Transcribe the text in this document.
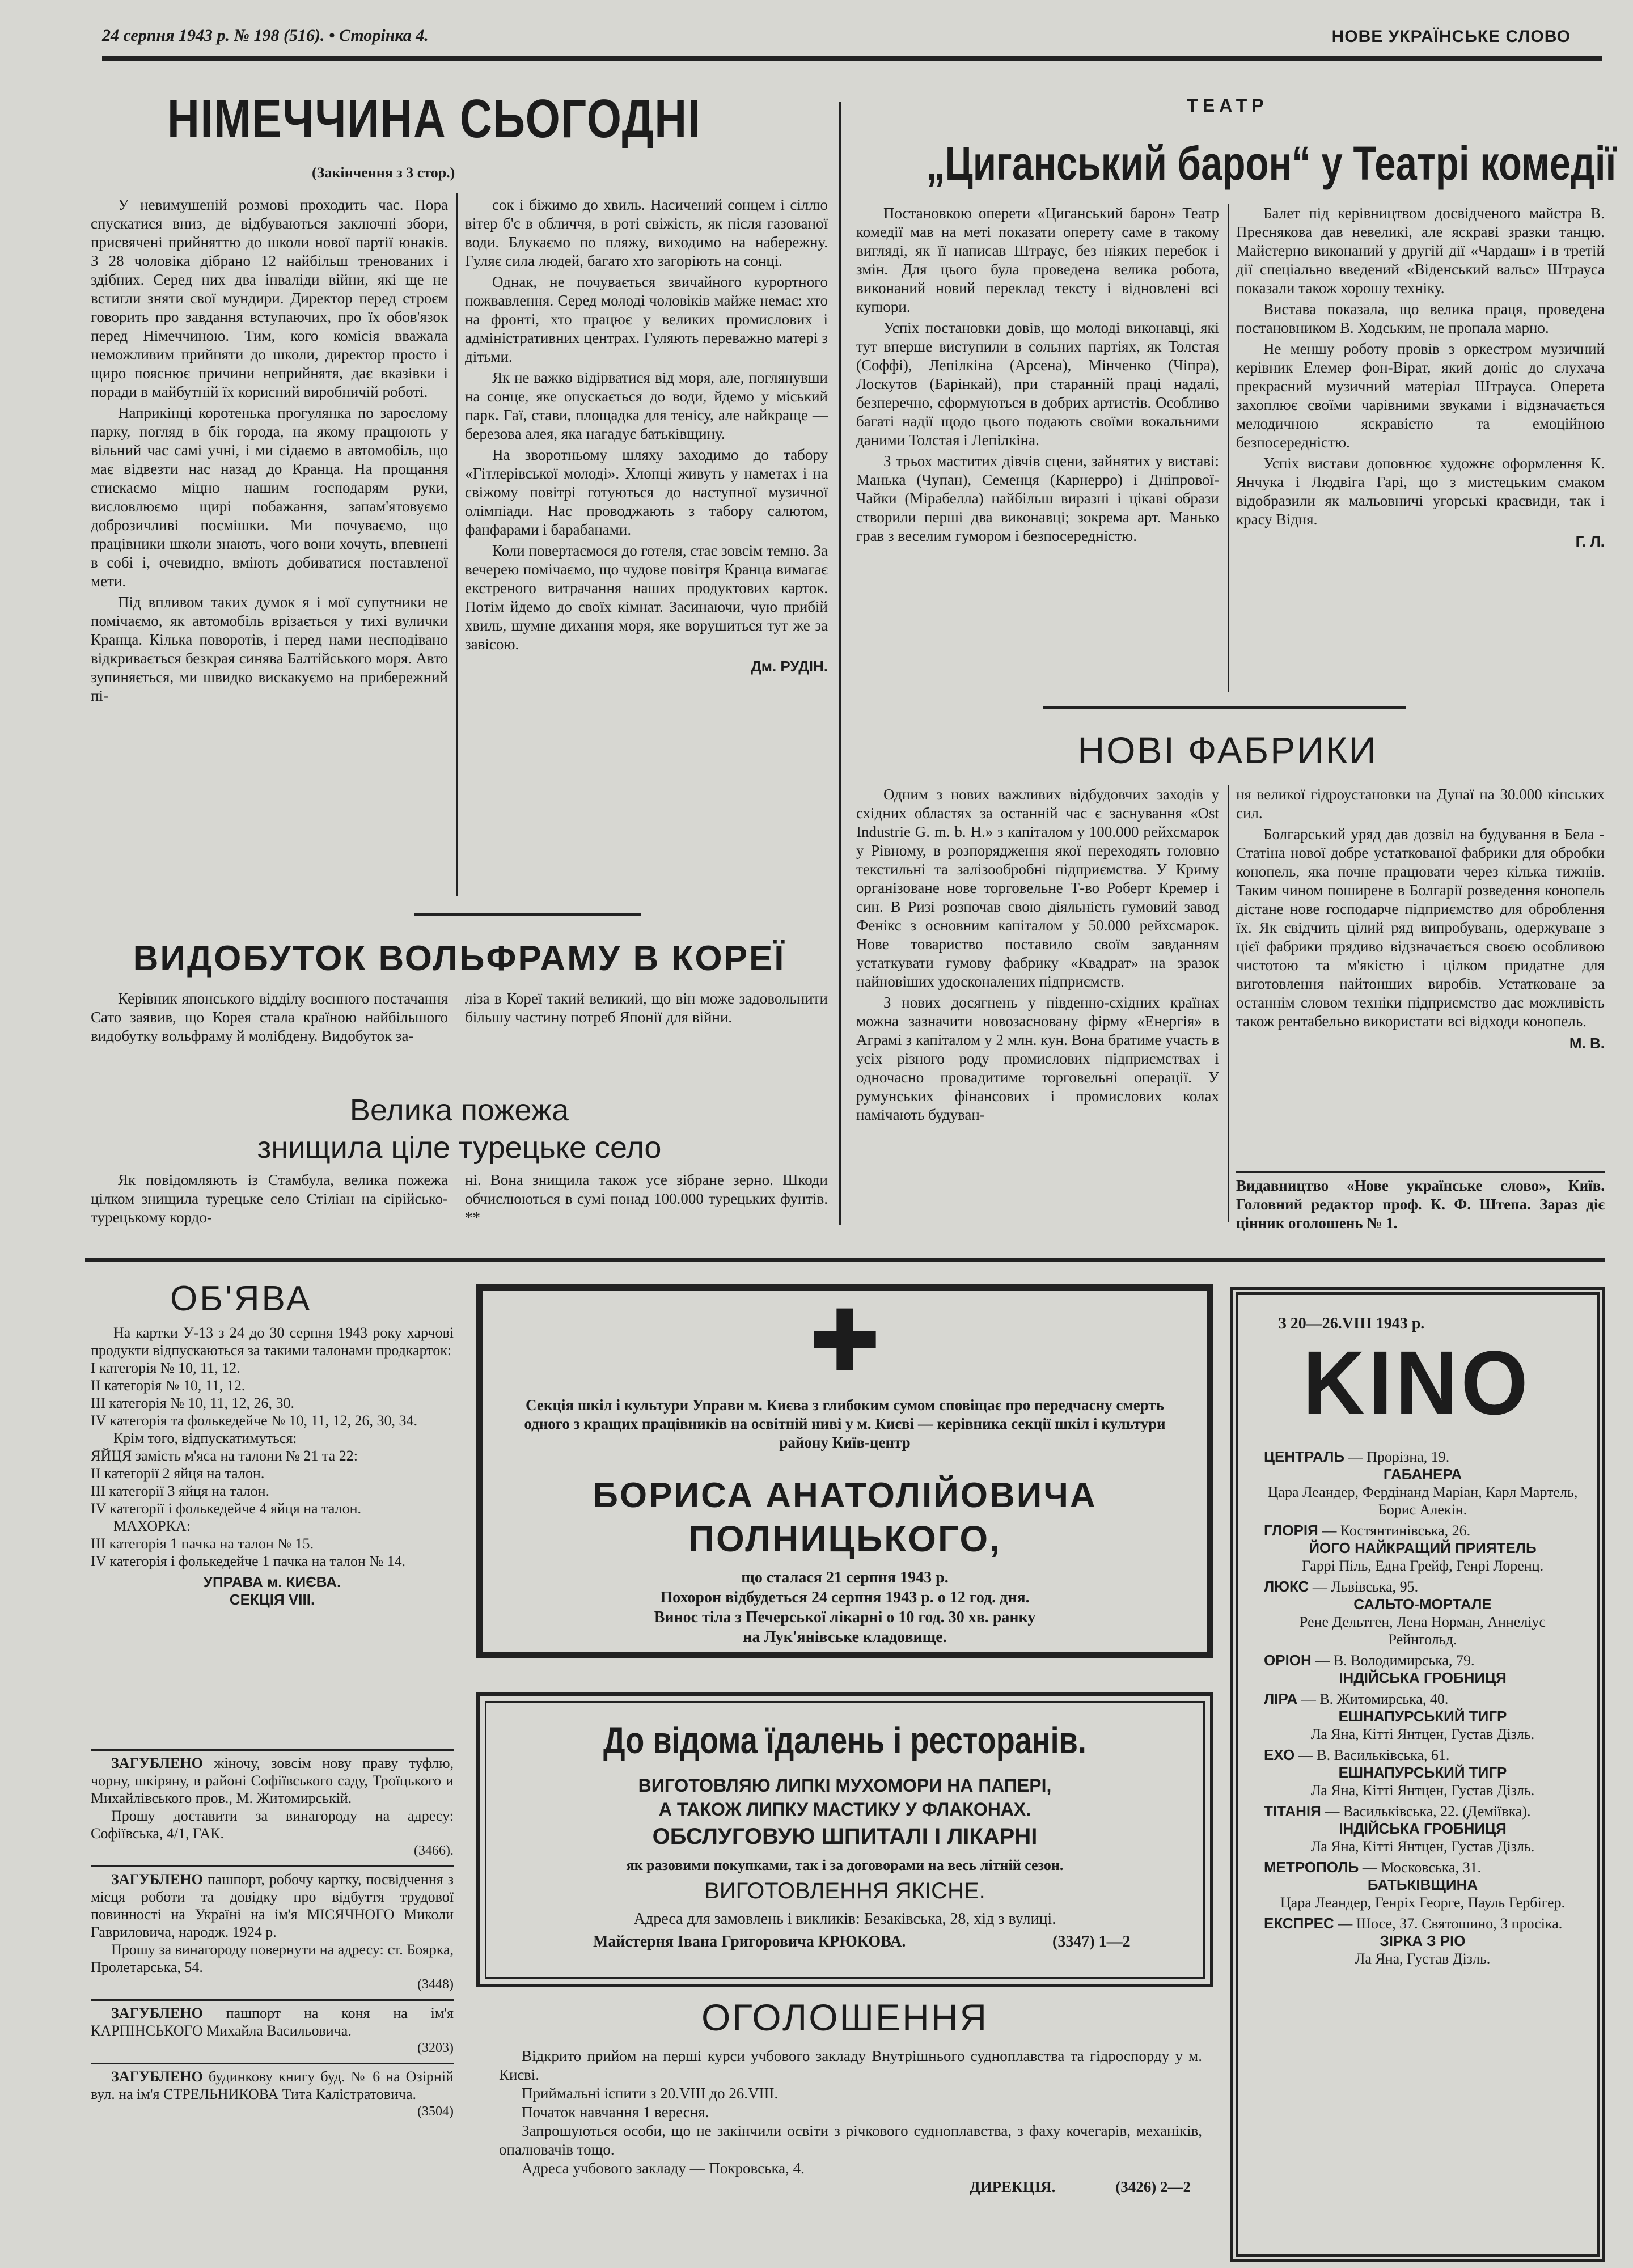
24 серпня 1943 р. № 198 (516). • Сторінка 4.	НОВЕ УКРАЇНСЬКЕ СЛОВО
НІМЕЧЧИНА СЬОГОДНІ
(Закінчення з 3 стор.)

У невимушеній розмові проходить час. Пора спускатися вниз, де відбуваються заключні збори, присвячені прийняттю до школи нової партії юнаків. З 28 чоловіка дібрано 12 найбільш тренованих і здібних. Серед них два інваліди війни, які ще не встигли зняти свої мундири. Директор перед строєм говорить про завдання вступаючих, про їх обов'язок перед Німеччиною. Тим, кого комісія вважала неможливим прийняти до школи, директор просто і щиро пояснює причини неприйнятя, дає вказівки і поради в майбутній їх корисний виробничій роботі.

Наприкінці коротенька прогулянка по зарослому парку, погляд в бік города, на якому працюють у вільний час самі учні, і ми сідаємо в автомобіль, що має відвезти нас назад до Кранца. На прощання стискаємо міцно нашим господарям руки, висловлюємо щирі побажання, запам'ятовуємо доброзичливі посмішки. Ми почуваємо, що працівники школи знають, чого вони хочуть, впевнені в собі і, очевидно, вміють добиватися поставленої мети.

Під впливом таких думок я і мої супутники не помічаємо, як автомобіль врізається у тихі вулички Кранца. Кілька поворотів, і перед нами несподівано відкривається безкрая синява Балтійського моря. Авто зупиняється, ми швидко вискакуємо на прибережний пі-

сок і біжимо до хвиль. Насичений сонцем і сіллю вітер б'є в обличчя, в роті свіжість, як після газованої води. Блукаємо по пляжу, виходимо на набережну. Гуляє сила людей, багато хто загоріють на сонці.

Однак, не почувається звичайного курортного пожвавлення. Серед молоді чоловіків майже немає: хто на фронті, хто працює у великих промислових і адміністративних центрах. Гуляють переважно матері з дітьми.

Як не важко відірватися від моря, але, поглянувши на сонце, яке опускається до води, йдемо у міський парк. Гаї, стави, площадка для тенісу, але найкраще — березова алея, яка нагадує батьківщину.

На зворотньому шляху заходимо до табору «Гітлерівської молоді». Хлопці живуть у наметах і на свіжому повітрі готуються до наступної музичної олімпіади. Нас проводжають з табору салютом, фанфарами і барабанами.

Коли повертаємося до готеля, стає зовсім темно. За вечерею помічаємо, що чудове повітря Кранца вимагає екстреного витрачання наших продуктових карток. Потім йдемо до своїх кімнат. Засинаючи, чую прибій хвиль, шумне дихання моря, яке ворушиться тут же за завісою.

Дм. РУДІН.
ВИДОБУТОК ВОЛЬФРАМУ В КОРЕЇ

Керівник японського відділу воєнного постачання Сато заявив, що Корея стала країною найбільшого видобутку вольфраму й молібдену. Видобуток за-

ліза в Кореї такий великий, що він може задовольнити більшу частину потреб Японії для війни.

Велика пожежа
знищила ціле турецьке село

Як повідомляють із Стамбула, велика пожежа цілком знищила турецьке село Стіліан на сірійсько-турецькому кордо-

ні. Вона знищила також усе зібране зерно. Шкоди обчислюються в сумі понад 100.000 турецьких фунтів. **

ТЕАТР
„Циганський барон“ у Театрі комедії

Постановкою оперети «Циганський барон» Театр комедії мав на меті показати оперету саме в такому вигляді, як її написав Штраус, без ніяких перебок і змін. Для цього була проведена велика робота, виконаний новий переклад тексту і відновлені всі купюри.

Успіх постановки довів, що молоді виконавці, які тут вперше виступили в сольних партіях, як Толстая (Соффі), Лепілкіна (Арсена), Мінченко (Чіпра), Лоскутов (Барінкай), при старанній праці надалі, безперечно, сформуються в добрих артистів. Особливо багаті надії щодо цього подають своїми вокальними даними Толстая і Лепілкіна.

З трьох маститих дівчів сцени, зайнятих у виставі: Манька (Чупан), Семенця (Карнерро) і Дніпрової-Чайки (Мірабелла) найбільш виразні і цікаві образи створили перші два виконавці; зокрема арт. Манько грав з веселим гумором і безпосередністю.

Балет під керівництвом досвідченого майстра В. Преснякова дав невеликі, але яскраві зразки танцю. Майстерно виконаний у другій дії «Чардаш» і в третій дії спеціально введений «Віденський вальс» Штрауса показали також хорошу техніку.

Вистава показала, що велика праця, проведена постановником В. Ходським, не пропала марно.

Не меншу роботу провів з оркестром музичний керівник Елемер фон-Вірат, який доніс до слухача прекрасний музичний матеріал Штрауса. Оперета захоплює своїми чарівними звуками і відзначається мелодичною яскравістю та емоційною безпосередністю.

Успіх вистави доповнює художнє оформлення К. Янчука і Людвіга Гарі, що з мистецьким смаком відобразили як мальовничі угорські краєвиди, так і красу Відня.

Г. Л.
НОВІ ФАБРИКИ

Одним з нових важливих відбудовчих заходів у східних областях за останній час є заснування «Ost Industrie G. m. b. H.» з капіталом у 100.000 рейхсмарок у Рівному, в розпорядження якої переходять головно текстильні та залізообробні підприємства. У Криму організоване нове торговельне Т-во Роберт Кремер і син. В Ризі розпочав свою діяльність гумовий завод Фенікс з основним капіталом у 50.000 рейхсмарок. Нове товариство поставило своїм завданням устаткувати гумову фабрику «Квадрат» на зразок найновіших удосконалених підприємств.

З нових досягнень у південно-східних країнах можна зазначити новозасновану фірму «Енергія» в Аграмі з капіталом у 2 млн. кун. Вона братиме участь в усіх різного роду промислових підприємствах і одночасно провадитиме торговельні операції. У румунських фінансових і промислових колах намічають будуван-

ня великої гідроустановки на Дунаї на 30.000 кінських сил.

Болгарський уряд дав дозвіл на будування в Бела - Статіна нової добре устаткованої фабрики для обробки конопель, яка почне працювати через кілька тижнів. Таким чином поширене в Болгарії розведення конопель дістане нове господарче підприємство для оброблення їх. Як свідчить цілий ряд випробувань, одержуване з цієї фабрики прядиво відзначається своєю особливою чистотою та м'якістю і цілком придатне для виготовлення найтонших виробів. Устатковане за останнім словом техніки підприємство дає можливість також рентабельно використати всі відходи конопель.

М. В.

Видавництво «Нове українське слово», Київ. Головний редактор проф. К. Ф. Штепа. Зараз діє цінник оголошень № 1.

ОБ'ЯВА
На картки У-13 з 24 до 30 серпня 1943 року харчові продукти відпускаються за такими талонами продкарток:
І категорія № 10, 11, 12.
ІІ категорія № 10, 11, 12.
ІІІ категорія № 10, 11, 12, 26, 30.
ІV категорія та фолькедейче № 10, 11, 12, 26, 30, 34.
Крім того, відпускатимуться:
ЯЙЦЯ замість м'яса на талони № 21 та 22:
ІІ категорії 2 яйця на талон.
ІІІ категорії 3 яйця на талон.
ІV категорії і фолькедейче 4 яйця на талон.
МАХОРКА:
ІІІ категорія 1 пачка на талон № 15.
ІV категорія і фолькедейче 1 пачка на талон № 14.
УПРАВА м. КИЄВА.
СЕКЦІЯ VІІІ.

ЗАГУБЛЕНО жіночу, зовсім нову праву туфлю, чорну, шкіряну, в районі Софіївського саду, Троїцького и Михайлівського пров., М. Житомирській.

Прошу доставити за винагороду на адресу: Софіївська, 4/1, ГАК.

(3466).

ЗАГУБЛЕНО пашпорт, робочу картку, посвідчення з місця роботи та довідку про відбуття трудової повинності на Україні на ім'я МІСЯЧНОГО Миколи Гавриловича, народж. 1924 р.

Прошу за винагороду повернути на адресу: ст. Боярка, Пролетарська, 54.

(3448)

ЗАГУБЛЕНО пашпорт на коня на ім'я КАРПІНСЬКОГО Михайла Васильовича.

(3203)

ЗАГУБЛЕНО будинкову книгу буд. № 6 на Озірній вул. на ім'я СТРЕЛЬНИКОВА Тита Калістратовича.

(3504)
✚
Секція шкіл і культури Управи м. Києва з глибоким сумом сповіщає про передчасну смерть одного з кращих працівників на освітній ниві у м. Києві — керівника секції шкіл і культури району Київ-центр
БОРИСА АНАТОЛІЙОВИЧА
ПОЛНИЦЬКОГО,
що сталася 21 серпня 1943 р.
Похорон відбудеться 24 серпня 1943 р. о 12 год. дня.
Винос тіла з Печерської лікарні о 10 год. 30 хв. ранку
на Лук'янівське кладовище.
До відома їдалень і ресторанів.
ВИГОТОВЛЯЮ ЛИПКІ МУХОМОРИ НА ПАПЕРІ,
А ТАКОЖ ЛИПКУ МАСТИКУ У ФЛАКОНАХ.
ОБСЛУГОВУЮ ШПИТАЛІ І ЛІКАРНІ
як разовими покупками, так і за договорами на весь літній сезон.
ВИГОТОВЛЕННЯ ЯКІСНЕ.
Адреса для замовлень і викликів: Безаківська, 28, хід з вулиці.
Майстерня Івана Григоровича КРЮКОВА.	(3347) 1—2
ОГОЛОШЕННЯ
Відкрито прийом на перші курси учбового закладу Внутрішнього судноплавства та гідроспорду у м. Києві.
Приймальні іспити з 20.VІІІ до 26.VІІІ.
Початок навчання 1 вересня.
Запрошуються особи, що не закінчили освіти з річкового судноплавства, з фаху кочегарів, механіків, опалювачів тощо.
Адреса учбового закладу — Покровська, 4.
ДИРЕКЦІЯ.	(3426) 2—2
З 20—26.VІІІ 1943 р.
KINO
ЦЕНТРАЛЬ — Прорізна, 19.
ГАБАНЕРА
Цара Леандер, Фердінанд Маріан, Карл Мартель, Борис Алекін.
ГЛОРІЯ — Костянтинівська, 26.
ЙОГО НАЙКРАЩИЙ ПРИЯТЕЛЬ
Гаррі Піль, Една Грейф, Генрі Лоренц.
ЛЮКС — Львівська, 95.
САЛЬТО-МОРТАЛЕ
Рене Дельтген, Лена Норман, Аннеліус Рейнгольд.
ОРІОН — В. Володимирська, 79.
ІНДІЙСЬКА ГРОБНИЦЯ
ЛІРА — В. Житомирська, 40.
ЕШНАПУРСЬКИЙ ТИГР
Ла Яна, Кітті Янтцен, Густав Дізль.
ЕХО — В. Васильківська, 61.
ЕШНАПУРСЬКИЙ ТИГР
Ла Яна, Кітті Янтцен, Густав Дізль.
ТІТАНІЯ — Васильківська, 22. (Деміївка).
ІНДІЙСЬКА ГРОБНИЦЯ
Ла Яна, Кітті Янтцен, Густав Дізль.
МЕТРОПОЛЬ — Московська, 31.
БАТЬКІВЩИНА
Цара Леандер, Генріх Георге, Пауль Гербігер.
ЕКСПРЕС — Шосе, 37. Святошино, 3 просіка.
ЗІРКА З РІО
Ла Яна, Густав Дізль.
